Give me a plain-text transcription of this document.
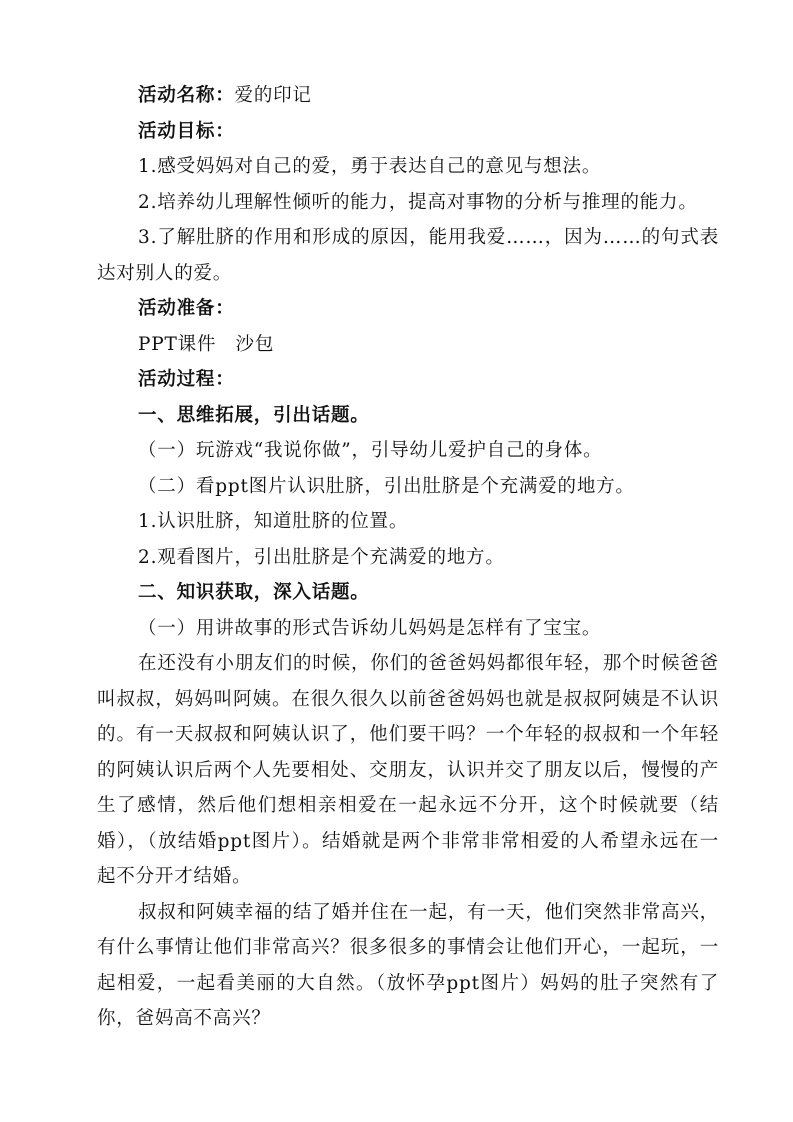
活动名称：爱的印记

活动目标：

1.感受妈妈对自己的爱，勇于表达自己的意见与想法。

2.培养幼儿理解性倾听的能力，提高对事物的分析与推理的能力。

3.了解肚脐的作用和形成的原因，能用我爱……，因为……的句式表达对别人的爱。

活动准备：

PPT课件　沙包

活动过程：

一、思维拓展，引出话题。

（一）玩游戏“我说你做”，引导幼儿爱护自己的身体。

（二）看ppt图片认识肚脐，引出肚脐是个充满爱的地方。

1.认识肚脐，知道肚脐的位置。

2.观看图片，引出肚脐是个充满爱的地方。

二、知识获取，深入话题。

（一）用讲故事的形式告诉幼儿妈妈是怎样有了宝宝。

在还没有小朋友们的时候，你们的爸爸妈妈都很年轻，那个时候爸爸叫叔叔，妈妈叫阿姨。在很久很久以前爸爸妈妈也就是叔叔阿姨是不认识的。有一天叔叔和阿姨认识了，他们要干吗？一个年轻的叔叔和一个年轻的阿姨认识后两个人先要相处、交朋友，认识并交了朋友以后，慢慢的产生了感情，然后他们想相亲相爱在一起永远不分开，这个时候就要（结婚），（放结婚ppt图片）。结婚就是两个非常非常相爱的人希望永远在一起不分开才结婚。

叔叔和阿姨幸福的结了婚并住在一起，有一天，他们突然非常高兴，有什么事情让他们非常高兴？很多很多的事情会让他们开心，一起玩，一起相爱，一起看美丽的大自然。（放怀孕ppt图片）妈妈的肚子突然有了你，爸妈高不高兴？
